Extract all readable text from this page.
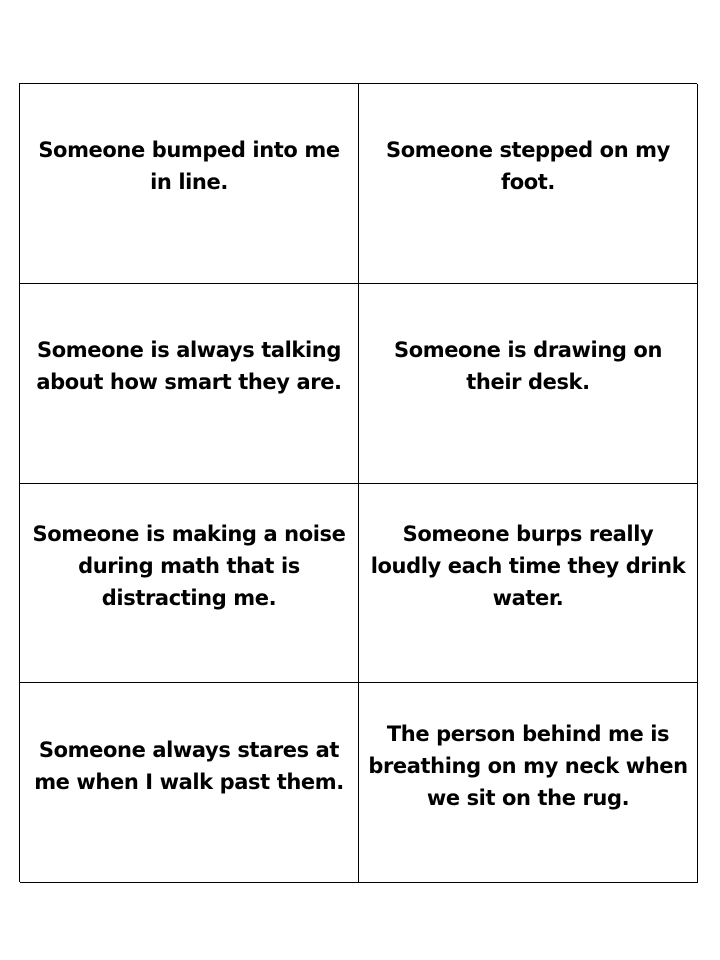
Someone bumped into me in line.
Someone stepped on my foot.
Someone is always talking about how smart they are.
Someone is drawing on their desk.
Someone is making a noise during math that is distracting me.
Someone burps really loudly each time they drink water.
Someone always stares at me when I walk past them.
The person behind me is breathing on my neck when we sit on the rug.
